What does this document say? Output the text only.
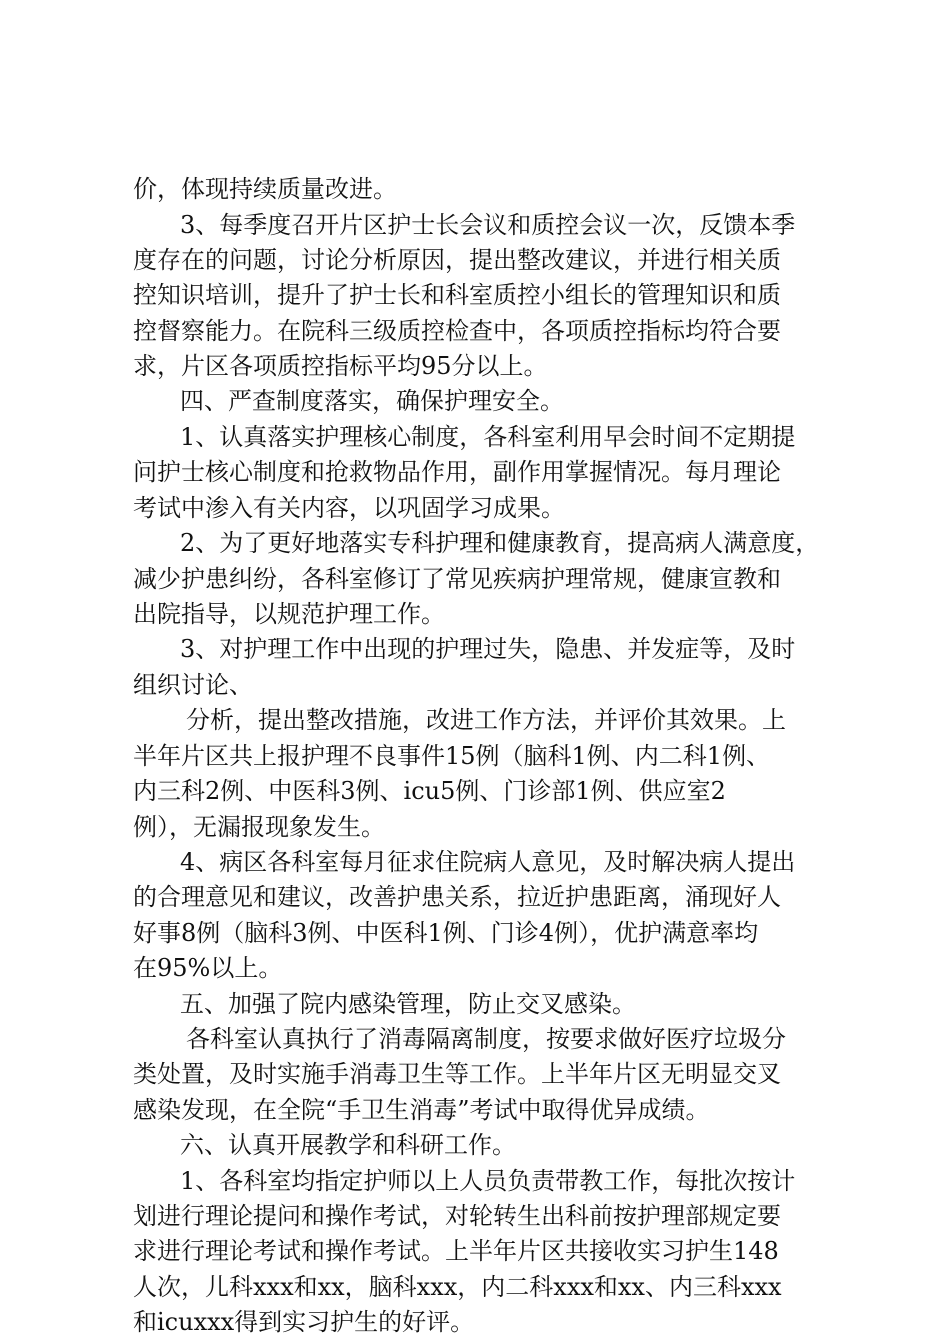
价，体现持续质量改进。
3、每季度召开片区护士长会议和质控会议一次，反馈本季
度存在的问题，讨论分析原因，提出整改建议，并进行相关质
控知识培训，提升了护士长和科室质控小组长的管理知识和质
控督察能力。在院科三级质控检查中，各项质控指标均符合要
求，片区各项质控指标平均95分以上。
四、严查制度落实，确保护理安全。
1、认真落实护理核心制度，各科室利用早会时间不定期提
问护士核心制度和抢救物品作用，副作用掌握情况。每月理论
考试中渗入有关内容，以巩固学习成果。
2、为了更好地落实专科护理和健康教育，提高病人满意度，
减少护患纠纷，各科室修订了常见疾病护理常规，健康宣教和
出院指导，以规范护理工作。
3、对护理工作中出现的护理过失，隐患、并发症等，及时
组织讨论、
分析，提出整改措施，改进工作方法，并评价其效果。上
半年片区共上报护理不良事件15例（脑科1例、内二科1例、
内三科2例、中医科3例、icu5例、门诊部1例、供应室2
例），无漏报现象发生。
4、病区各科室每月征求住院病人意见，及时解决病人提出
的合理意见和建议，改善护患关系，拉近护患距离，涌现好人
好事8例（脑科3例、中医科1例、门诊4例），优护满意率均
在95%以上。
五、加强了院内感染管理，防止交叉感染。
各科室认真执行了消毒隔离制度，按要求做好医疗垃圾分
类处置，及时实施手消毒卫生等工作。上半年片区无明显交叉
感染发现，在全院“手卫生消毒”考试中取得优异成绩。
六、认真开展教学和科研工作。
1、各科室均指定护师以上人员负责带教工作，每批次按计
划进行理论提问和操作考试，对轮转生出科前按护理部规定要
求进行理论考试和操作考试。上半年片区共接收实习护生148
人次，儿科xxx和xx，脑科xxx，内二科xxx和xx、内三科xxx
和icuxxx得到实习护生的好评。
